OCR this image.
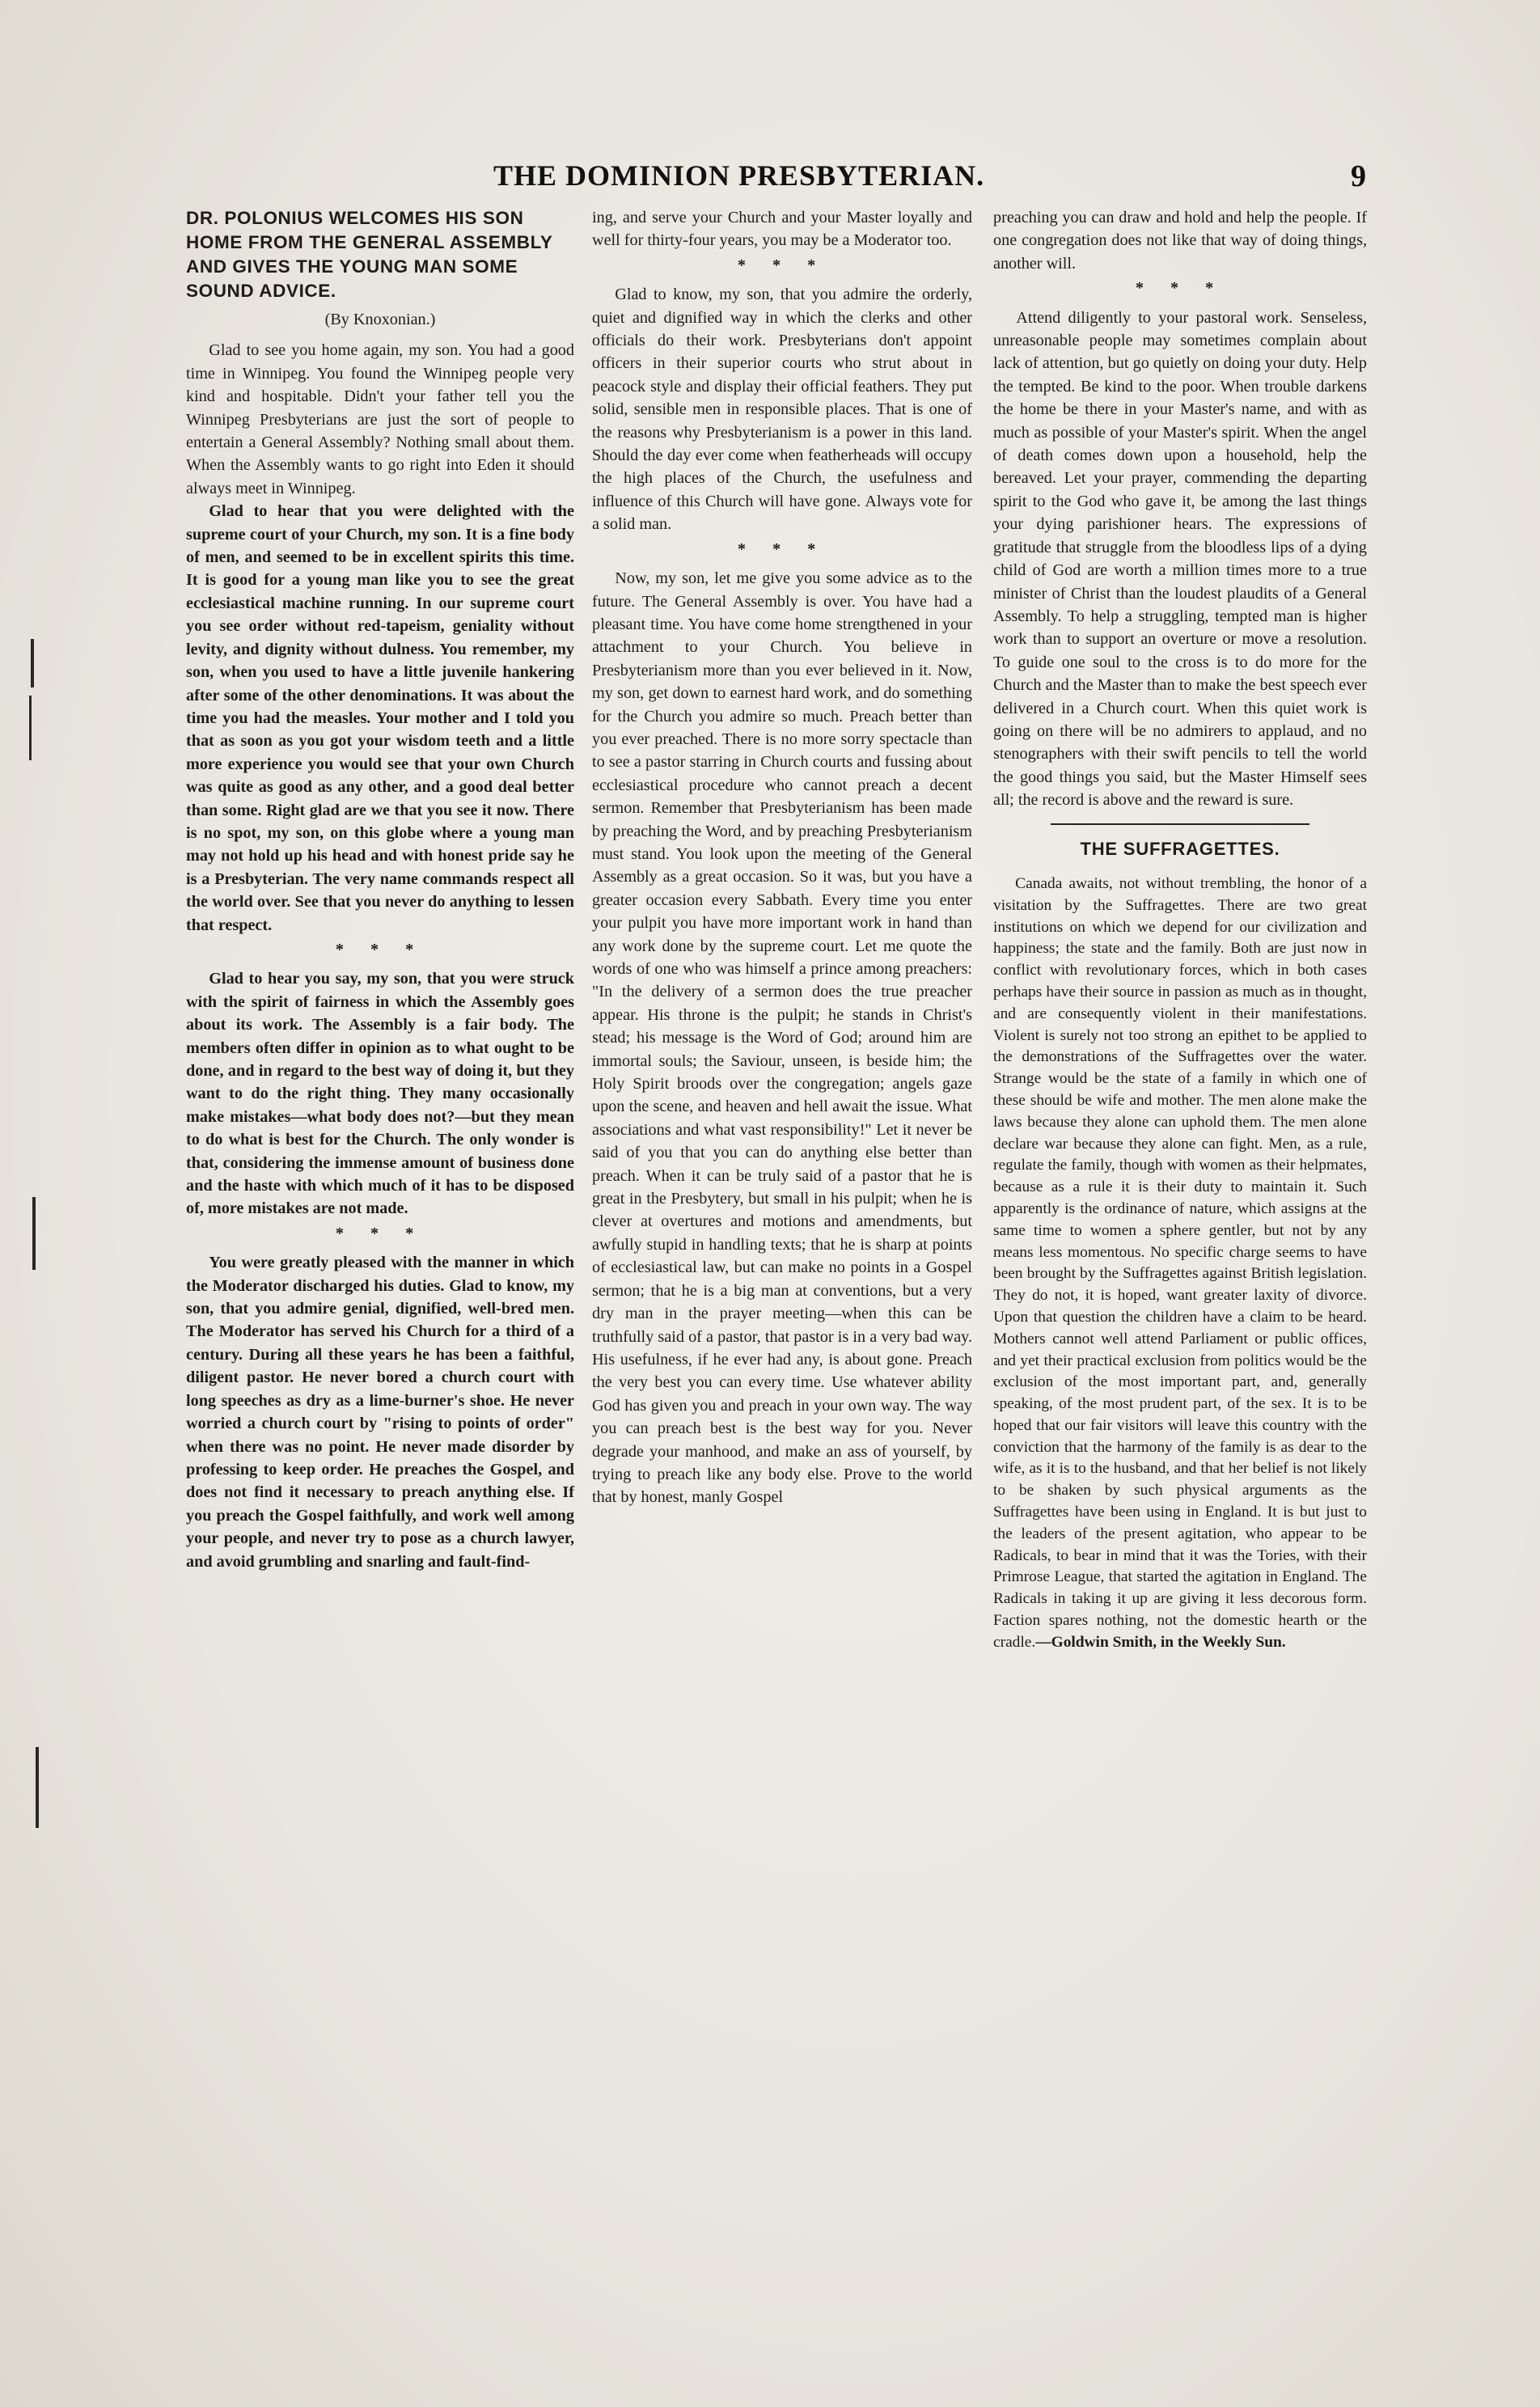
THE DOMINION PRESBYTERIAN.	9
DR. POLONIUS WELCOMES HIS SON HOME FROM THE GENERAL ASSEMBLY AND GIVES THE YOUNG MAN SOME SOUND ADVICE.
(By Knoxonian.)

Glad to see you home again, my son. You had a good time in Winnipeg. You found the Winnipeg people very kind and hospitable. Didn't your father tell you the Winnipeg Presbyterians are just the sort of people to entertain a General Assembly? Nothing small about them. When the Assembly wants to go right into Eden it should always meet in Winnipeg.

Glad to hear that you were delighted with the supreme court of your Church, my son. It is a fine body of men, and seemed to be in excellent spirits this time. It is good for a young man like you to see the great ecclesiastical machine running. In our supreme court you see order without red-tapeism, geniality without levity, and dignity without dulness. You remember, my son, when you used to have a little juvenile hankering after some of the other denominations. It was about the time you had the measles. Your mother and I told you that as soon as you got your wisdom teeth and a little more experience you would see that your own Church was quite as good as any other, and a good deal better than some. Right glad are we that you see it now. There is no spot, my son, on this globe where a young man may not hold up his head and with honest pride say he is a Presbyterian. The very name commands respect all the world over. See that you never do anything to lessen that respect.

* * *

Glad to hear you say, my son, that you were struck with the spirit of fairness in which the Assembly goes about its work. The Assembly is a fair body. The members often differ in opinion as to what ought to be done, and in regard to the best way of doing it, but they want to do the right thing. They many occasionally make mistakes—what body does not?—but they mean to do what is best for the Church. The only wonder is that, considering the immense amount of business done and the haste with which much of it has to be disposed of, more mistakes are not made.

* * *

You were greatly pleased with the manner in which the Moderator discharged his duties. Glad to know, my son, that you admire genial, dignified, well-bred men. The Moderator has served his Church for a third of a century. During all these years he has been a faithful, diligent pastor. He never bored a church court with long speeches as dry as a lime-burner's shoe. He never worried a church court by "rising to points of order" when there was no point. He never made disorder by professing to keep order. He preaches the Gospel, and does not find it necessary to preach anything else. If you preach the Gospel faithfully, and work well among your people, and never try to pose as a church lawyer, and avoid grumbling and snarling and fault-find-

ing, and serve your Church and your Master loyally and well for thirty-four years, you may be a Moderator too.

* * *

Glad to know, my son, that you admire the orderly, quiet and dignified way in which the clerks and other officials do their work. Presbyterians don't appoint officers in their superior courts who strut about in peacock style and display their official feathers. They put solid, sensible men in responsible places. That is one of the reasons why Presbyterianism is a power in this land. Should the day ever come when featherheads will occupy the high places of the Church, the usefulness and influence of this Church will have gone. Always vote for a solid man.

* * *

Now, my son, let me give you some advice as to the future. The General Assembly is over. You have had a pleasant time. You have come home strengthened in your attachment to your Church. You believe in Presbyterianism more than you ever believed in it. Now, my son, get down to earnest hard work, and do something for the Church you admire so much. Preach better than you ever preached. There is no more sorry spectacle than to see a pastor starring in Church courts and fussing about ecclesiastical procedure who cannot preach a decent sermon. Remember that Presbyterianism has been made by preaching the Word, and by preaching Presbyterianism must stand. You look upon the meeting of the General Assembly as a great occasion. So it was, but you have a greater occasion every Sabbath. Every time you enter your pulpit you have more important work in hand than any work done by the supreme court. Let me quote the words of one who was himself a prince among preachers: "In the delivery of a sermon does the true preacher appear. His throne is the pulpit; he stands in Christ's stead; his message is the Word of God; around him are immortal souls; the Saviour, unseen, is beside him; the Holy Spirit broods over the congregation; angels gaze upon the scene, and heaven and hell await the issue. What associations and what vast responsibility!" Let it never be said of you that you can do anything else better than preach. When it can be truly said of a pastor that he is great in the Presbytery, but small in his pulpit; when he is clever at overtures and motions and amendments, but awfully stupid in handling texts; that he is sharp at points of ecclesiastical law, but can make no points in a Gospel sermon; that he is a big man at conventions, but a very dry man in the prayer meeting—when this can be truthfully said of a pastor, that pastor is in a very bad way. His usefulness, if he ever had any, is about gone. Preach the very best you can every time. Use whatever ability God has given you and preach in your own way. The way you can preach best is the best way for you. Never degrade your manhood, and make an ass of yourself, by trying to preach like any body else. Prove to the world that by honest, manly Gospel

preaching you can draw and hold and help the people. If one congregation does not like that way of doing things, another will.

* * *

Attend diligently to your pastoral work. Senseless, unreasonable people may sometimes complain about lack of attention, but go quietly on doing your duty. Help the tempted. Be kind to the poor. When trouble darkens the home be there in your Master's name, and with as much as possible of your Master's spirit. When the angel of death comes down upon a household, help the bereaved. Let your prayer, commending the departing spirit to the God who gave it, be among the last things your dying parishioner hears. The expressions of gratitude that struggle from the bloodless lips of a dying child of God are worth a million times more to a true minister of Christ than the loudest plaudits of a General Assembly. To help a struggling, tempted man is higher work than to support an overture or move a resolution. To guide one soul to the cross is to do more for the Church and the Master than to make the best speech ever delivered in a Church court. When this quiet work is going on there will be no admirers to applaud, and no stenographers with their swift pencils to tell the world the good things you said, but the Master Himself sees all; the record is above and the reward is sure.

THE SUFFRAGETTES.

Canada awaits, not without trembling, the honor of a visitation by the Suffragettes. There are two great institutions on which we depend for our civilization and happiness; the state and the family. Both are just now in conflict with revolutionary forces, which in both cases perhaps have their source in passion as much as in thought, and are consequently violent in their manifestations. Violent is surely not too strong an epithet to be applied to the demonstrations of the Suffragettes over the water. Strange would be the state of a family in which one of these should be wife and mother. The men alone make the laws because they alone can uphold them. The men alone declare war because they alone can fight. Men, as a rule, regulate the family, though with women as their helpmates, because as a rule it is their duty to maintain it. Such apparently is the ordinance of nature, which assigns at the same time to women a sphere gentler, but not by any means less momentous. No specific charge seems to have been brought by the Suffragettes against British legislation. They do not, it is hoped, want greater laxity of divorce. Upon that question the children have a claim to be heard. Mothers cannot well attend Parliament or public offices, and yet their practical exclusion from politics would be the exclusion of the most important part, and, generally speaking, of the most prudent part, of the sex. It is to be hoped that our fair visitors will leave this country with the conviction that the harmony of the family is as dear to the wife, as it is to the husband, and that her belief is not likely to be shaken by such physical arguments as the Suffragettes have been using in England. It is but just to the leaders of the present agitation, who appear to be Radicals, to bear in mind that it was the Tories, with their Primrose League, that started the agitation in England. The Radicals in taking it up are giving it less decorous form. Faction spares nothing, not the domestic hearth or the cradle.—Goldwin Smith, in the Weekly Sun.
